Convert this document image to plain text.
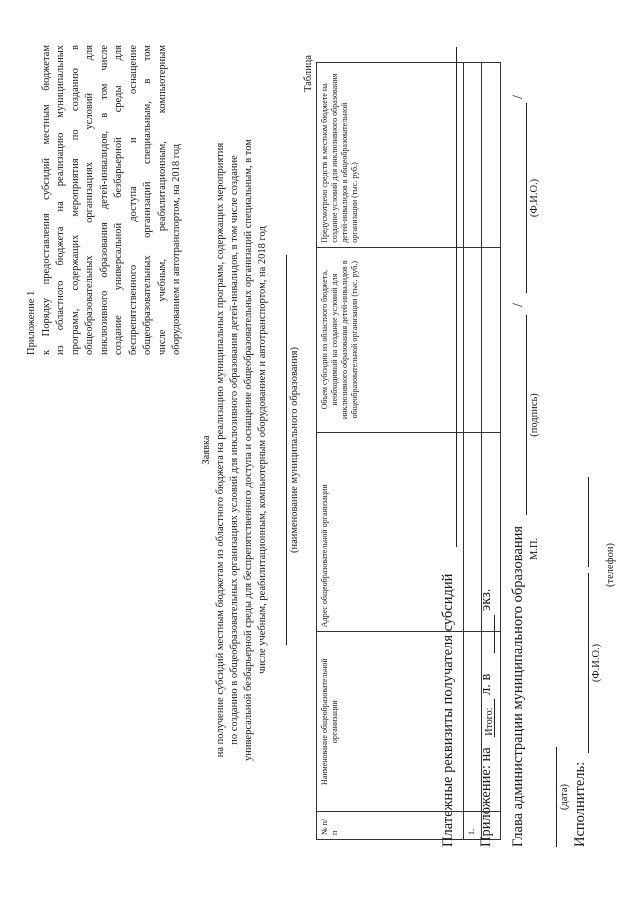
Приложение 1 к Порядку предоставления субсидий местным бюджетам из областного бюджета на реализацию муниципальных программ, содержащих мероприятия по созданию в общеобразовательных организациях условий для инклюзивного образования детей-инвалидов, в том числе создание универсальной безбарьерной среды для беспрепятственного доступа и оснащение общеобразовательных организаций специальным, в том числе учебным, реабилитационным, компьютерным оборудованием и автотранспортом, на 2018 год
Заявка на получение субсидий местным бюджетам из областного бюджета на реализацию муниципальных программ, содержащих мероприятия по созданию в общеобразовательных организациях условий для инклюзивного образования детей-инвалидов, в том числе создание универсальной безбарьерной среды для беспрепятственного доступа и оснащение общеобразовательных организаций специальным, в том числе учебным, реабилитационным, компьютерным оборудованием и автотранспортом, на 2018 год (наименование муниципального образования)
Таблица
№ п/п	Наименование общеобразовательной организации	Адрес общеобразовательной организации	Объем субсидии из областного бюджета, необходимый на создание условий для инклюзивного образования детей-инвалидов в общеобразовательной организации (тыс. руб.)	Предусмотрено средств в местном бюджете на создание условий для инклюзивного образования детей-инвалидов в общеобразовательной организации (тыс. руб.)
1.				
	Итого:			
Платежные реквизиты получателя субсидий Приложение: на
л. в
экз. Глава администрации муниципального образования
/
/
М.П.
(подпись)
(Ф.И.О.)
(дата) Исполнитель:
(Ф.И.О.)
(телефон)
